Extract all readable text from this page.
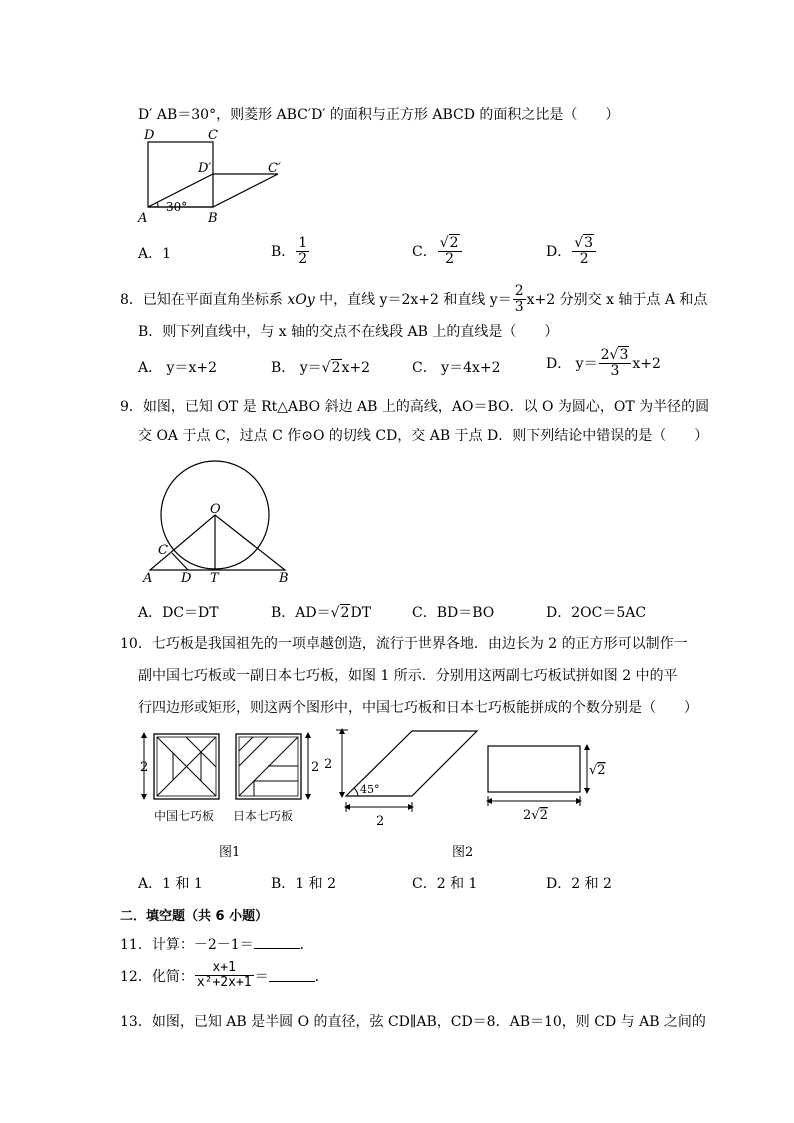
D′ AB＝30°，则菱形 ABC′D′ 的面积与正方形 ABCD 的面积之比是（　　）
D	C
D′	C′
A	B
30°
A．1	B． $\frac{1}{2}$	C． $\frac{√2}{2}$	D． $\frac{√3}{2}$
8．已知在平面直角坐标系 xOy 中，直线 y＝2x+2 和直线 $y= \frac{2}{3} x+2$ 分别交 x 轴于点 A 和点
B．则下列直线中，与 x 轴的交点不在线段 AB 上的直线是（　　）
A． y＝x+2	B． y＝√2x+2	C． y＝4x+2	D． $y= \frac{2√3}{3} x+2$
9．如图，已知 OT 是 Rt△ABO 斜边 AB 上的高线，AO＝BO．以 O 为圆心，OT 为半径的圆
交 OA 于点 C，过点 C 作⊙O 的切线 CD，交 AB 于点 D．则下列结论中错误的是（　　）
O
C
A D T	B
A．DC＝DT	B．AD＝√2DT	C．BD＝BO	D．2OC＝5AC
10．七巧板是我国祖先的一项卓越创造，流行于世界各地．由边长为 2 的正方形可以制作一
副中国七巧板或一副日本七巧板，如图 1 所示．分别用这两副七巧板试拼如图 2 中的平
行四边形或矩形，则这两个图形中，中国七巧板和日本七巧板能拼成的个数分别是（　　）
2
中国七巧板
2
日本七巧板
2
45°
2
√2
2√2
图1	图2
A．1 和 1	B．1 和 2	C．2 和 1	D．2 和 2
二．填空题（共 6 小题）
11．计算：－2－1＝	．
12．化简： $\frac{x+1}{\text{x²+2x+1}}$ ＝	．
13．如图，已知 AB 是半圆 O 的直径，弦 CD∥AB，CD＝8．AB＝10，则 CD 与 AB 之间的
